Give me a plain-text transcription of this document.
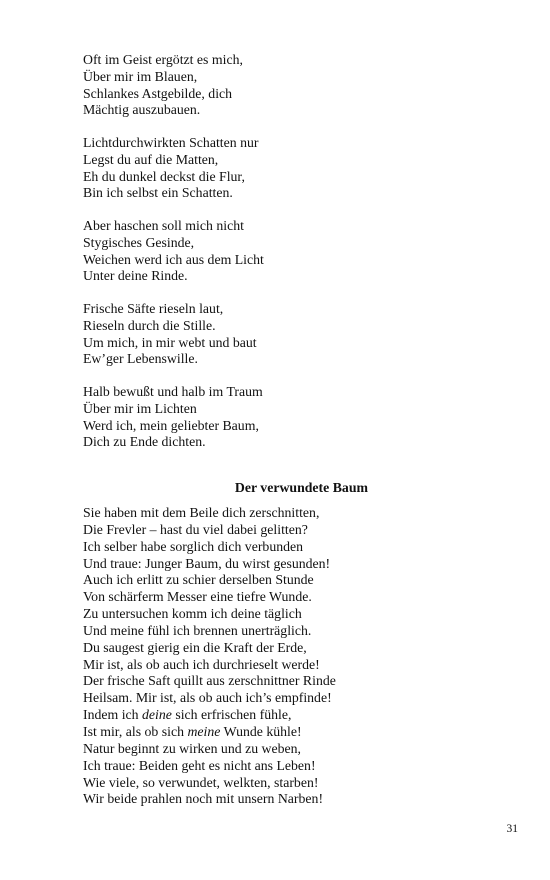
Oft im Geist ergötzt es mich,
Über mir im Blauen,
Schlankes Astgebilde, dich
Mächtig auszubauen.
Lichtdurchwirkten Schatten nur
Legst du auf die Matten,
Eh du dunkel deckst die Flur,
Bin ich selbst ein Schatten.
Aber haschen soll mich nicht
Stygisches Gesinde,
Weichen werd ich aus dem Licht
Unter deine Rinde.
Frische Säfte rieseln laut,
Rieseln durch die Stille.
Um mich, in mir webt und baut
Ew’ger Lebenswille.
Halb bewußt und halb im Traum
Über mir im Lichten
Werd ich, mein geliebter Baum,
Dich zu Ende dichten.
Der verwundete Baum
Sie haben mit dem Beile dich zerschnitten,
Die Frevler – hast du viel dabei gelitten?
Ich selber habe sorglich dich verbunden
Und traue: Junger Baum, du wirst gesunden!
Auch ich erlitt zu schier derselben Stunde
Von schärferm Messer eine tiefre Wunde.
Zu untersuchen komm ich deine täglich
Und meine fühl ich brennen unerträglich.
Du saugest gierig ein die Kraft der Erde,
Mir ist, als ob auch ich durchrieselt werde!
Der frische Saft quillt aus zerschnittner Rinde
Heilsam. Mir ist, als ob auch ich’s empfinde!
Indem ich deine sich erfrischen fühle,
Ist mir, als ob sich meine Wunde kühle!
Natur beginnt zu wirken und zu weben,
Ich traue: Beiden geht es nicht ans Leben!
Wie viele, so verwundet, welkten, starben!
Wir beide prahlen noch mit unsern Narben!
31
